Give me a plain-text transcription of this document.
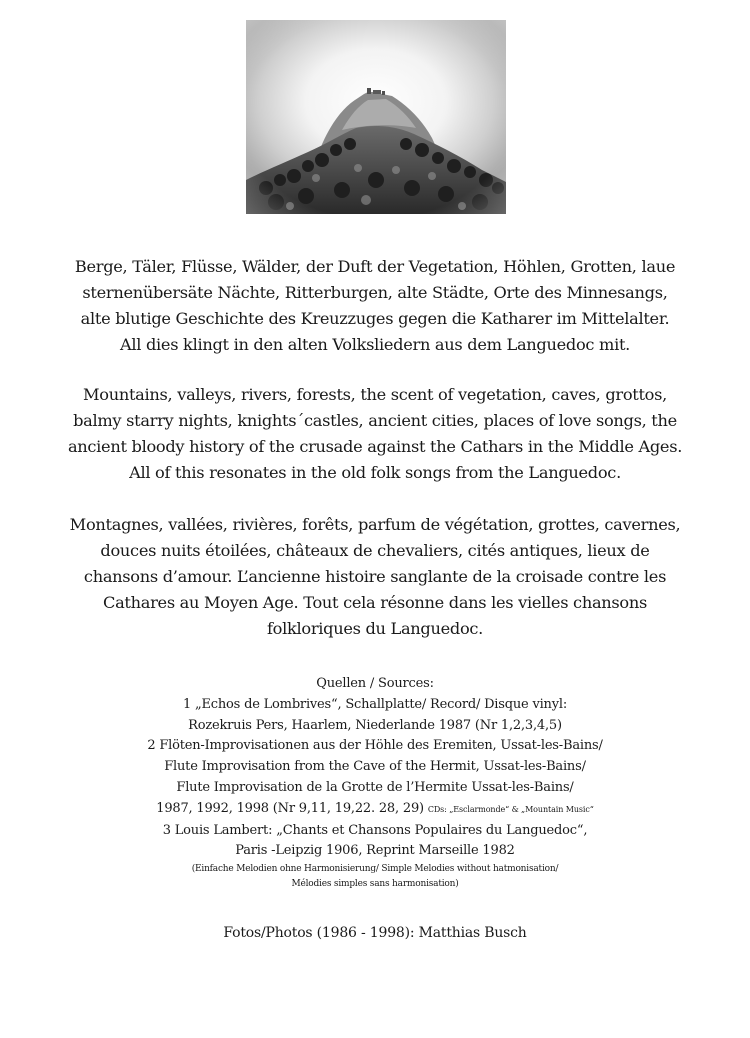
Berge, Täler, Flüsse, Wälder, der Duft der Vegetation, Höhlen, Grotten, laue
sternenübersäte Nächte, Ritterburgen, alte Städte, Orte des Minnesangs,
alte blutige Geschichte des Kreuzzuges gegen die Katharer im Mittelalter.
All dies klingt in den alten Volksliedern aus dem Languedoc mit.
Mountains, valleys, rivers, forests, the scent of vegetation, caves, grottos,
balmy starry nights, knights´castles, ancient cities, places of love songs, the
ancient bloody history of the crusade against the Cathars in the Middle Ages.
All of this resonates in the old folk songs from the Languedoc.
Montagnes, vallées, rivières, forêts, parfum de végétation, grottes, cavernes,
douces nuits étoilées, châteaux de chevaliers, cités antiques, lieux de
chansons d’amour. L’ancienne histoire sanglante de la croisade contre les
Cathares au Moyen Age. Tout cela résonne dans les vielles chansons
folkloriques du Languedoc.
Quellen / Sources:
1 „Echos de Lombrives“, Schallplatte/ Record/ Disque vinyl:
Rozekruis Pers, Haarlem, Niederlande 1987 (Nr 1,2,3,4,5)
2 Flöten-Improvisationen aus der Höhle des Eremiten, Ussat-les-Bains/
Flute Improvisation from the Cave of the Hermit, Ussat-les-Bains/
Flute Improvisation de la Grotte de l’Hermite Ussat-les-Bains/
1987, 1992, 1998 (Nr 9,11, 19,22. 28, 29) CDs: „Esclarmonde“ & „Mountain Music“
3 Louis Lambert: „Chants et Chansons Populaires du Languedoc“,
Paris -Leipzig 1906, Reprint Marseille 1982
(Einfache Melodien ohne Harmonisierung/ Simple Melodies without hatmonisation/
Mélodies simples sans harmonisation)
Fotos/Photos (1986 - 1998): Matthias Busch
